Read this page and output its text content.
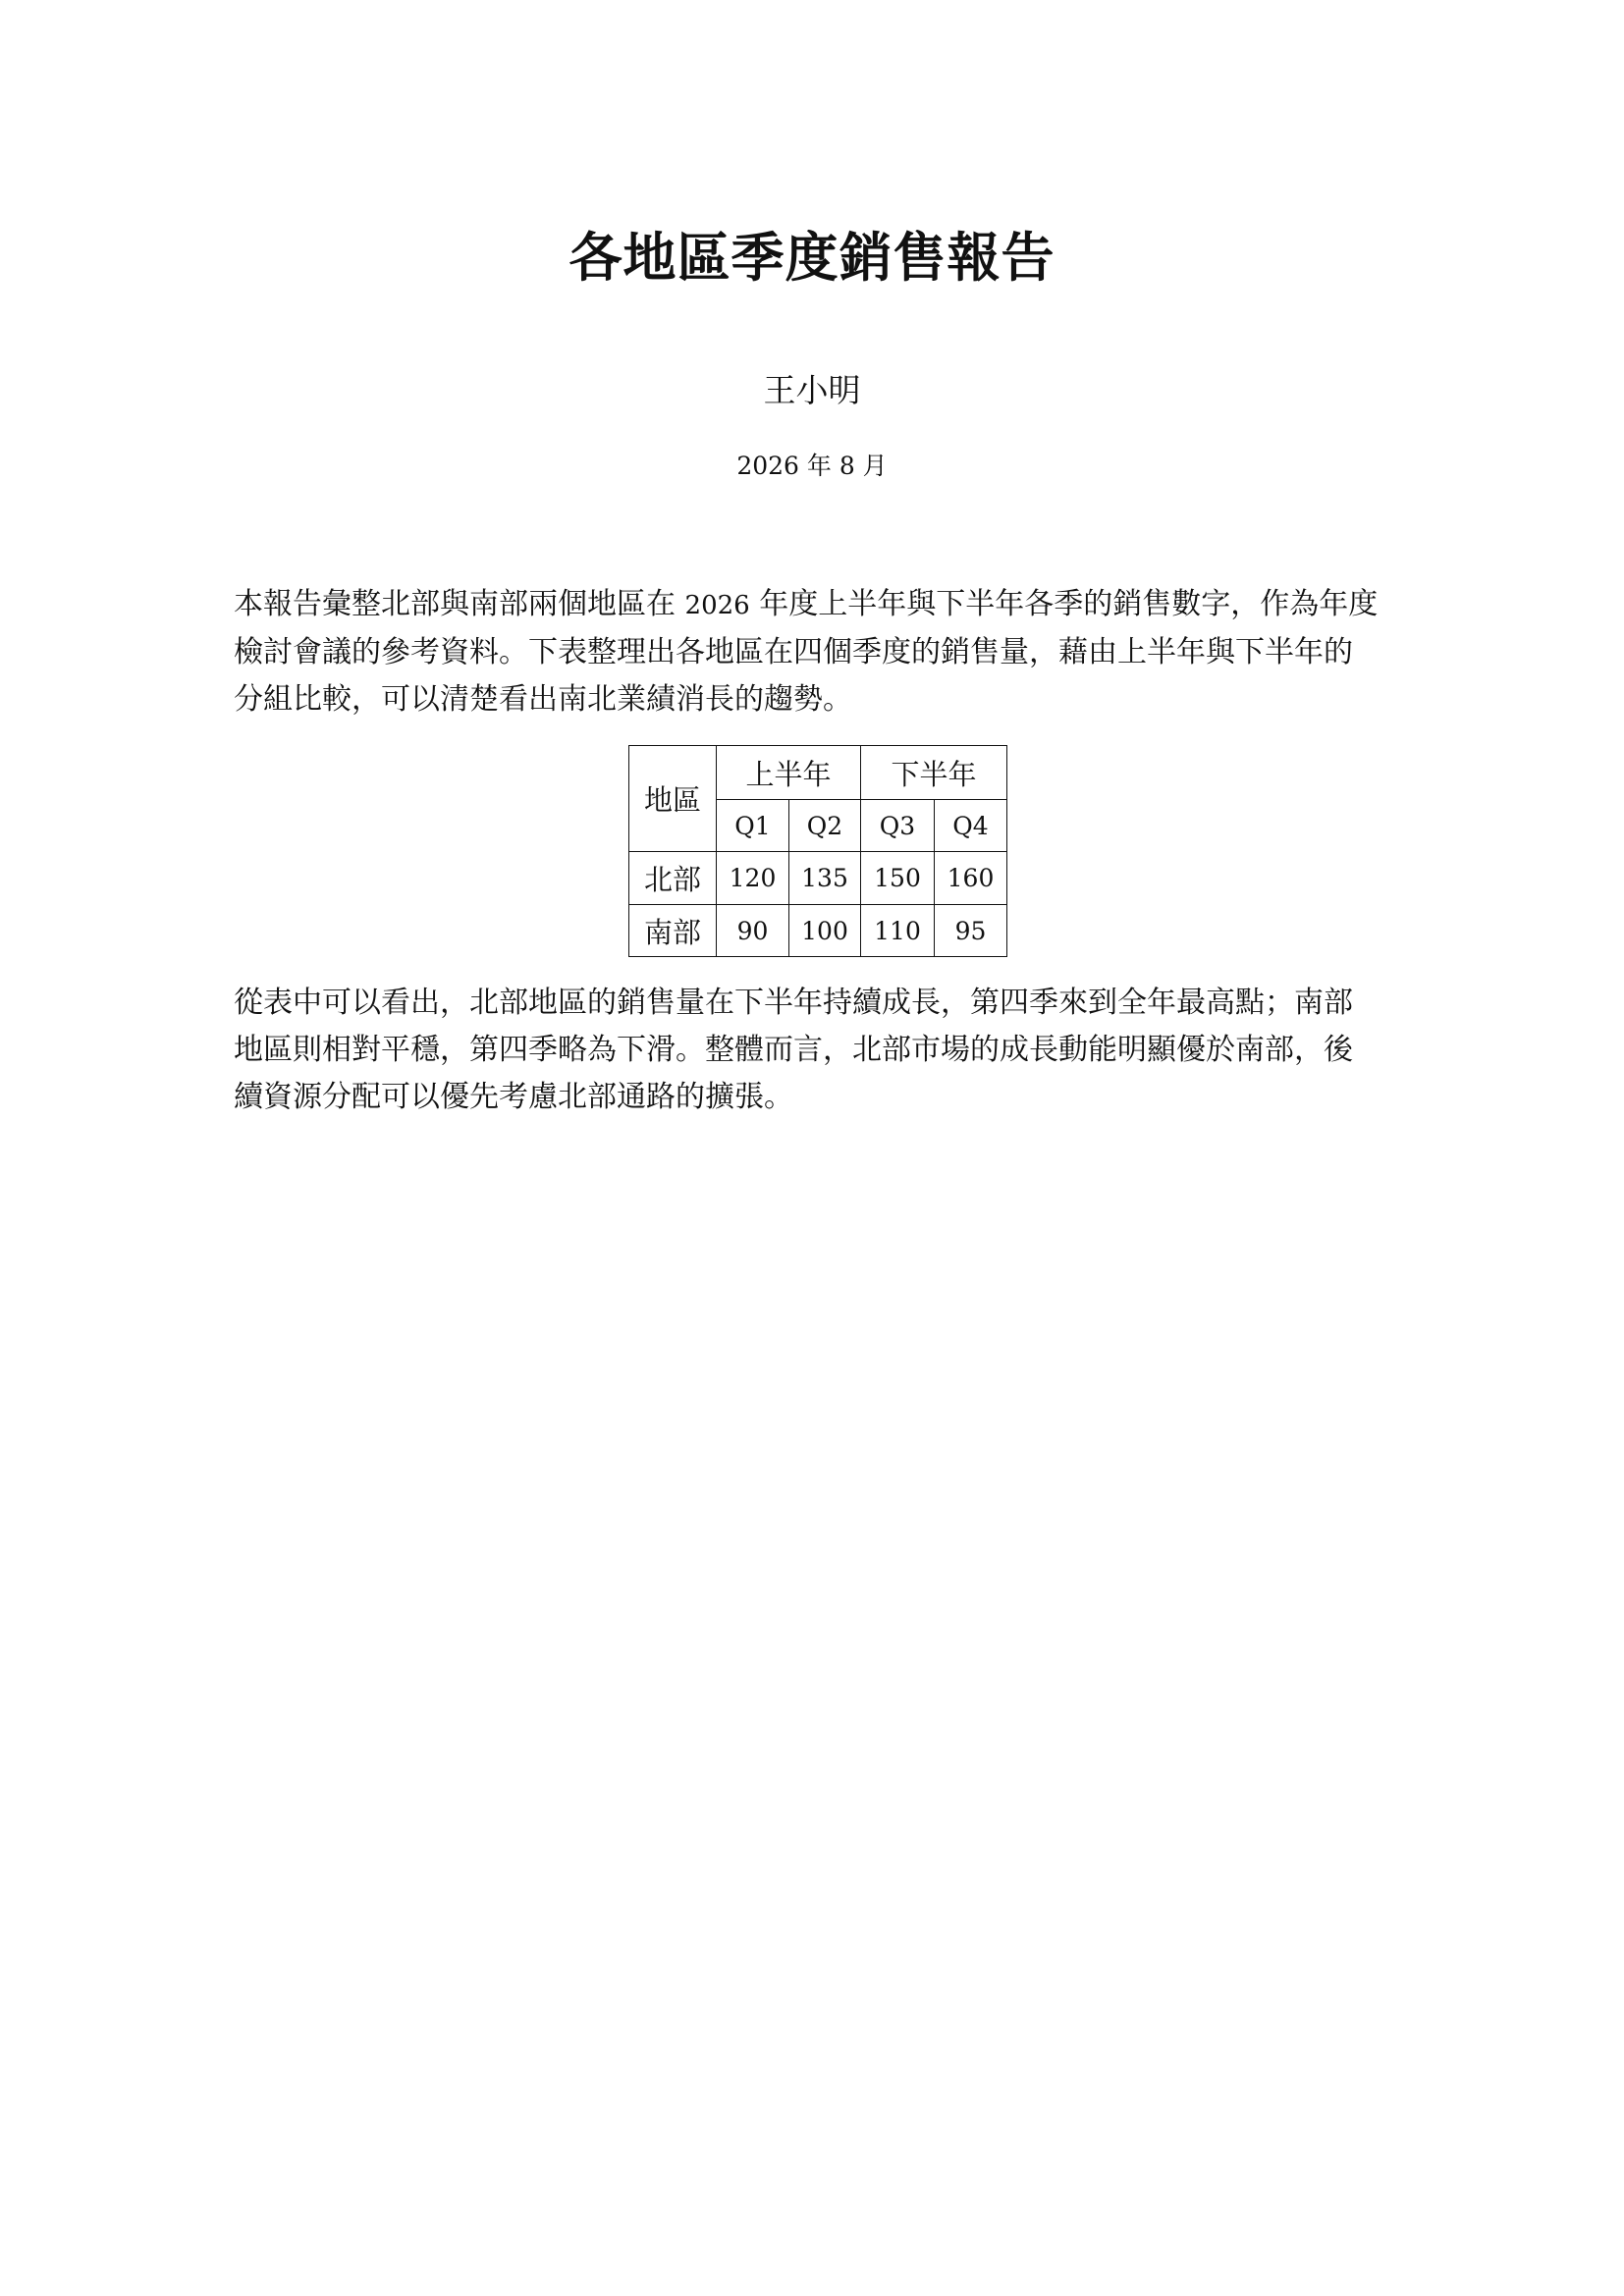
各地區季度銷售報告
王小明
2026 年 8 月

本報告彙整北部與南部兩個地區在 2026 年度上半年與下半年各季的銷售數字，作為年度
檢討會議的參考資料。下表整理出各地區在四個季度的銷售量，藉由上半年與下半年的
分組比較，可以清楚看出南北業績消長的趨勢。

地區	上半年		下半年	
	Q1	Q2	Q3	Q4
北部	120	135	150	160
南部	90	100	110	95

從表中可以看出，北部地區的銷售量在下半年持續成長，第四季來到全年最高點；南部
地區則相對平穩，第四季略為下滑。整體而言，北部市場的成長動能明顯優於南部，後
續資源分配可以優先考慮北部通路的擴張。
